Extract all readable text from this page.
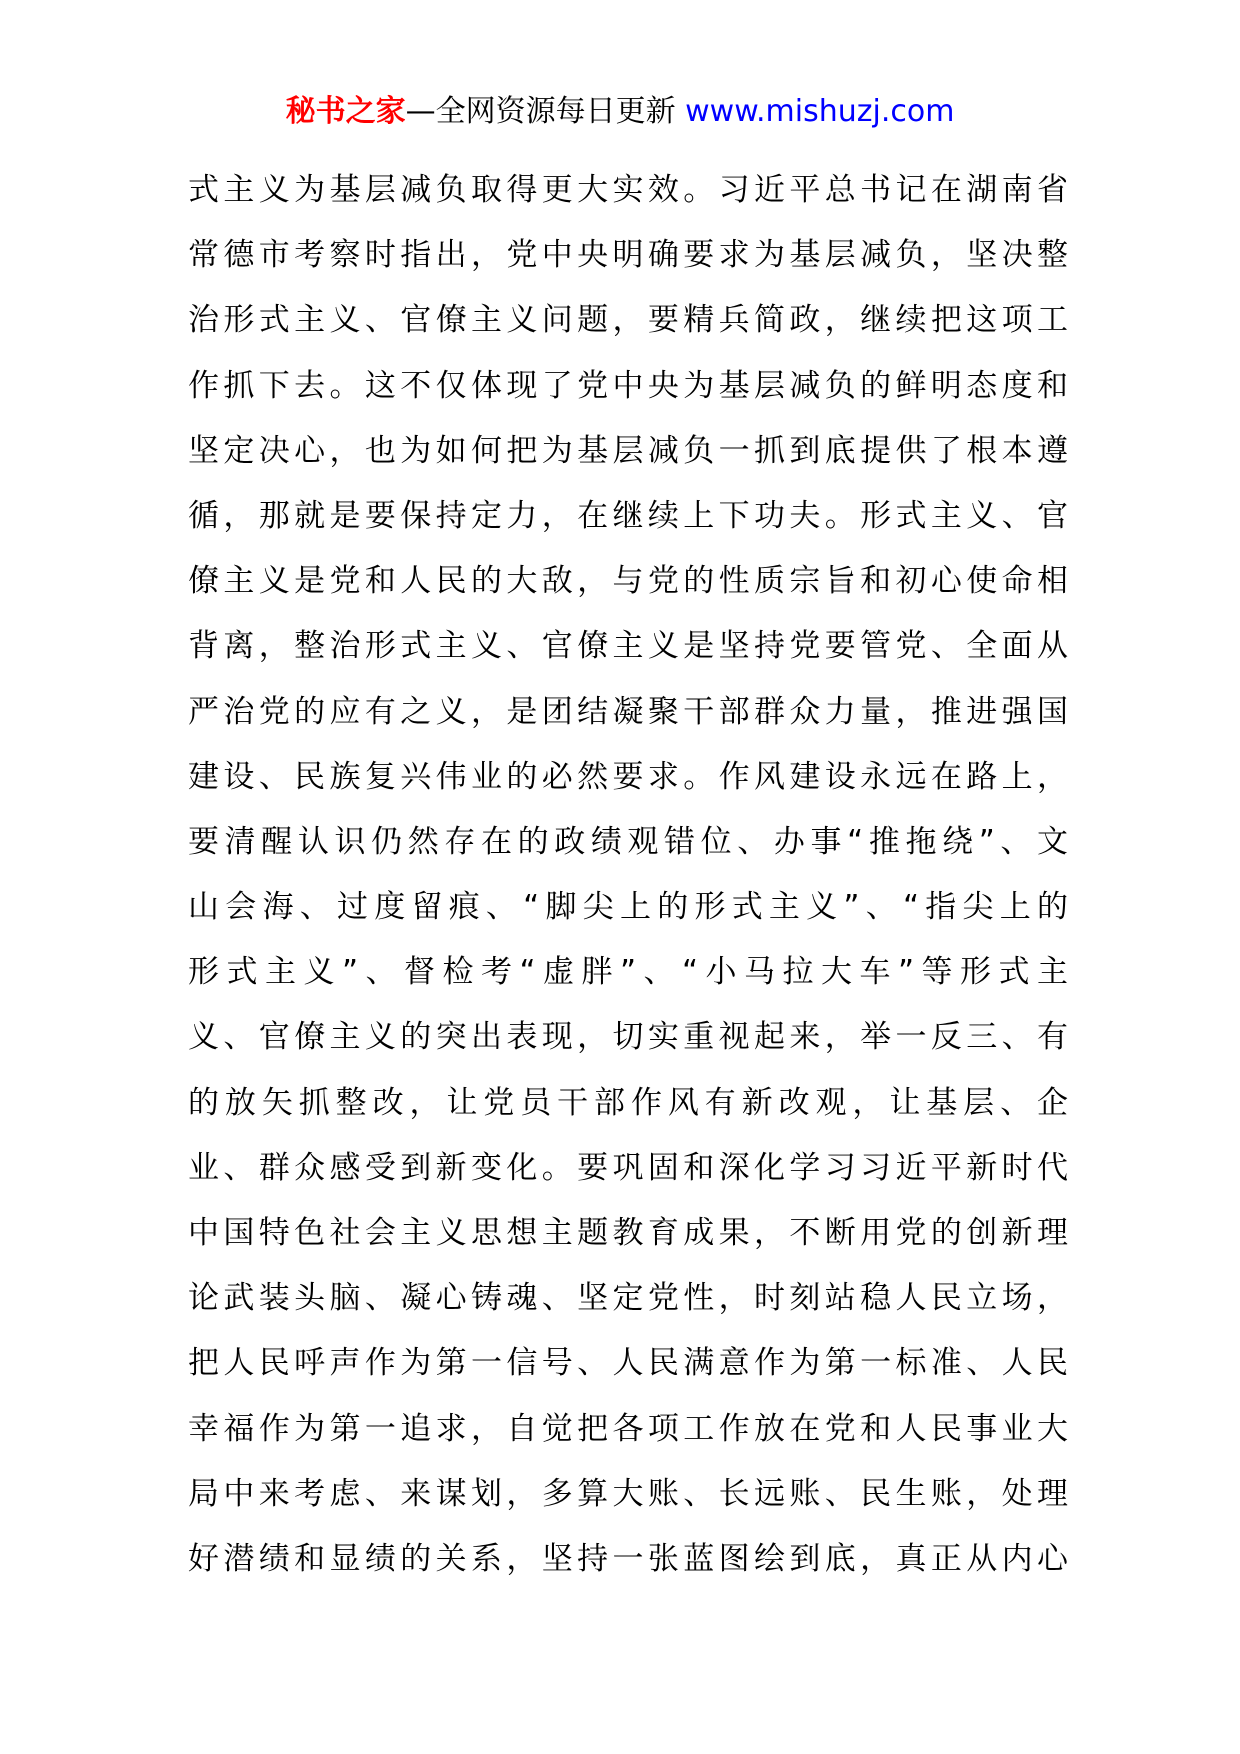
秘书之家—全网资源每日更新 www.mishuzj.com
式主义为基层减负取得更大实效。习近平总书记在湖南省
常德市考察时指出，党中央明确要求为基层减负，坚决整
治形式主义、官僚主义问题，要精兵简政，继续把这项工
作抓下去。这不仅体现了党中央为基层减负的鲜明态度和
坚定决心，也为如何把为基层减负一抓到底提供了根本遵
循，那就是要保持定力，在继续上下功夫。形式主义、官
僚主义是党和人民的大敌，与党的性质宗旨和初心使命相
背离，整治形式主义、官僚主义是坚持党要管党、全面从
严治党的应有之义，是团结凝聚干部群众力量，推进强国
建设、民族复兴伟业的必然要求。作风建设永远在路上，
要清醒认识仍然存在的政绩观错位、办事“推拖绕”、文
山会海、过度留痕、“脚尖上的形式主义”、“指尖上的
形式主义”、督检考“虚胖”、“小马拉大车”等形式主
义、官僚主义的突出表现，切实重视起来，举一反三、有
的放矢抓整改，让党员干部作风有新改观，让基层、企
业、群众感受到新变化。要巩固和深化学习习近平新时代
中国特色社会主义思想主题教育成果，不断用党的创新理
论武装头脑、凝心铸魂、坚定党性，时刻站稳人民立场，
把人民呼声作为第一信号、人民满意作为第一标准、人民
幸福作为第一追求，自觉把各项工作放在党和人民事业大
局中来考虑、来谋划，多算大账、长远账、民生账，处理
好潜绩和显绩的关系，坚持一张蓝图绘到底，真正从内心
